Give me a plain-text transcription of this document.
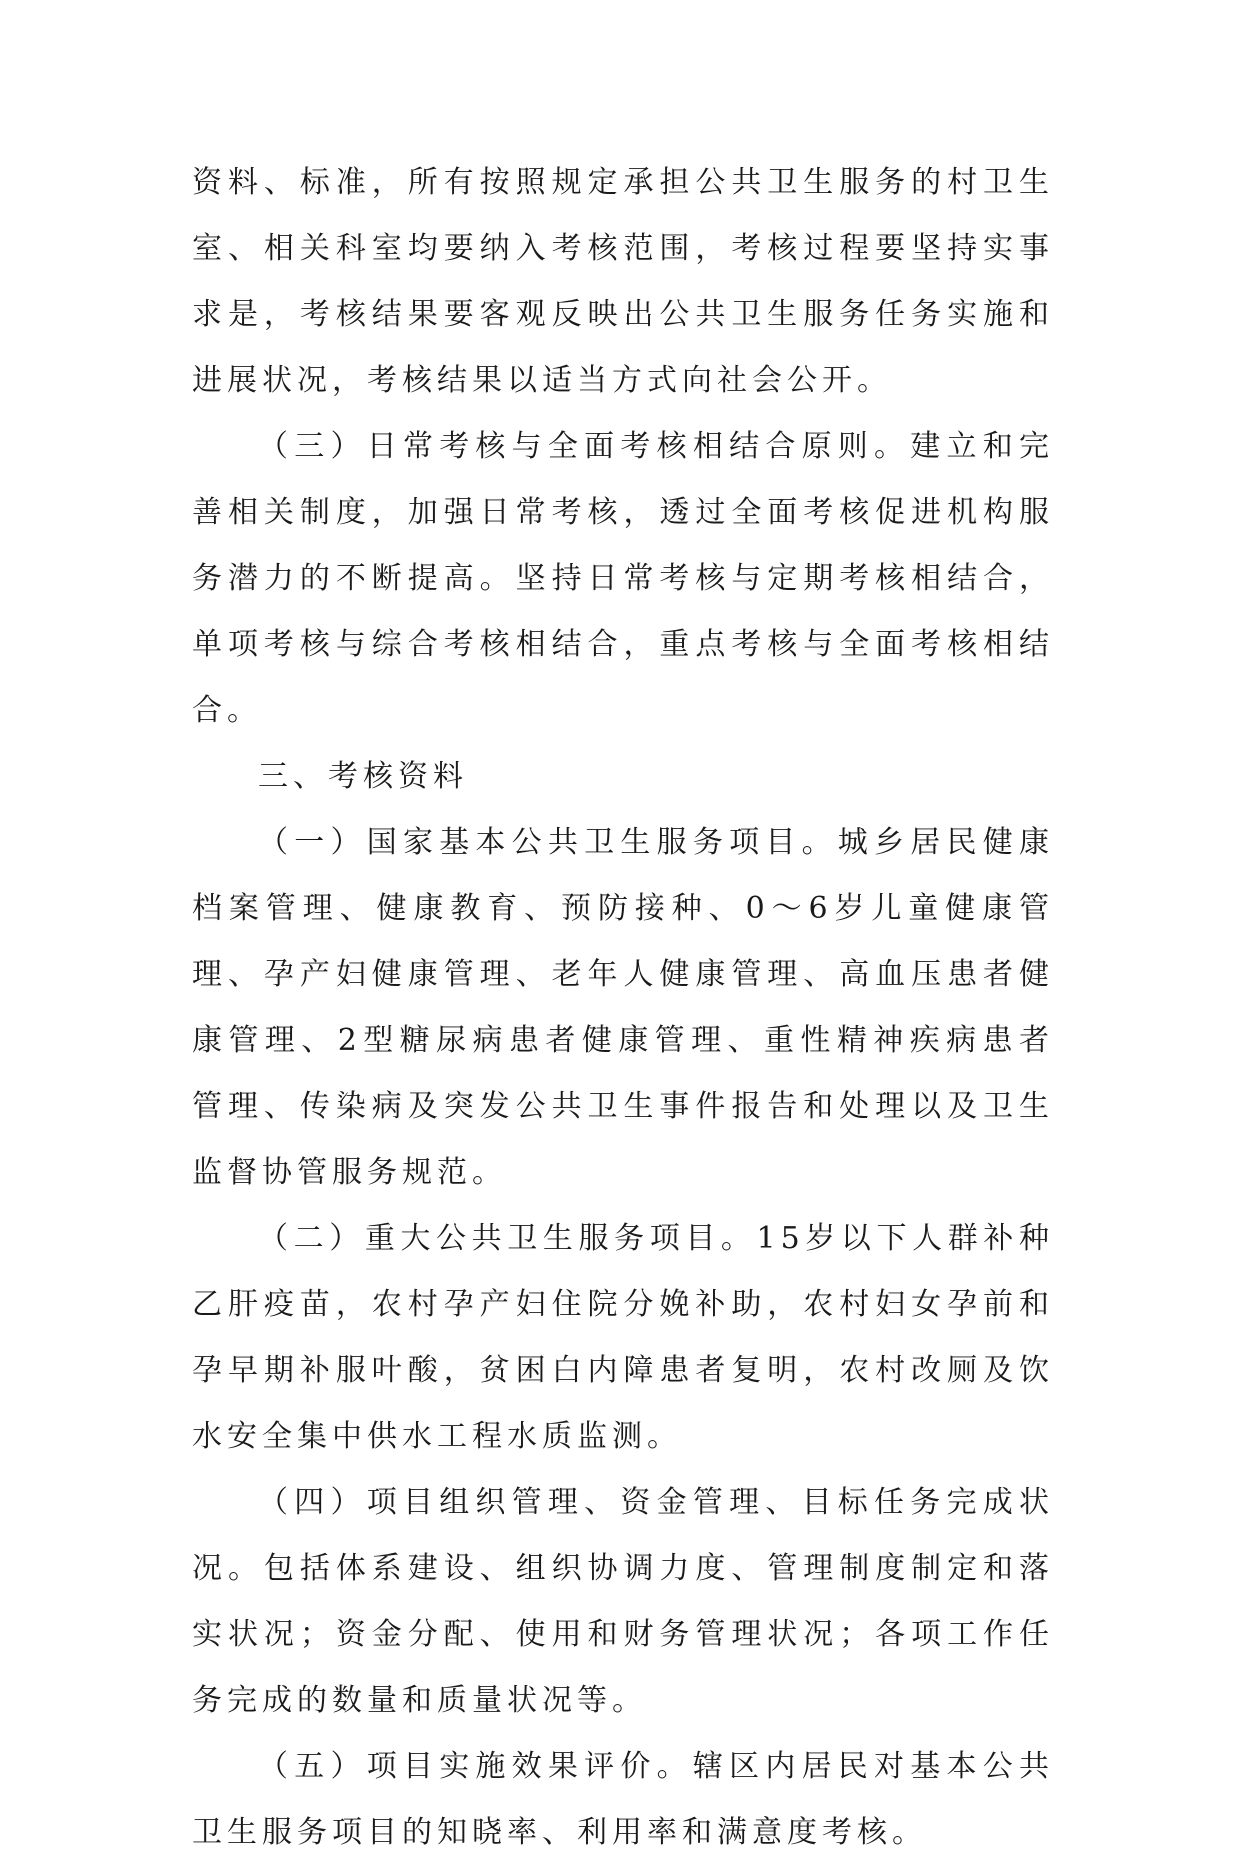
资料、标准，所有按照规定承担公共卫生服务的村卫生室、相关科室均要纳入考核范围，考核过程要坚持实事求是，考核结果要客观反映出公共卫生服务任务实施和进展状况，考核结果以适当方式向社会公开。

（三）日常考核与全面考核相结合原则。建立和完善相关制度，加强日常考核，透过全面考核促进机构服务潜力的不断提高。坚持日常考核与定期考核相结合，单项考核与综合考核相结合，重点考核与全面考核相结合。

三、考核资料

（一）国家基本公共卫生服务项目。城乡居民健康档案管理、健康教育、预防接种、0～6岁儿童健康管理、孕产妇健康管理、老年人健康管理、高血压患者健康管理、2型糖尿病患者健康管理、重性精神疾病患者管理、传染病及突发公共卫生事件报告和处理以及卫生监督协管服务规范。

（二）重大公共卫生服务项目。15岁以下人群补种乙肝疫苗，农村孕产妇住院分娩补助，农村妇女孕前和孕早期补服叶酸，贫困白内障患者复明，农村改厕及饮水安全集中供水工程水质监测。

（四）项目组织管理、资金管理、目标任务完成状况。包括体系建设、组织协调力度、管理制度制定和落实状况；资金分配、使用和财务管理状况；各项工作任务完成的数量和质量状况等。

（五）项目实施效果评价。辖区内居民对基本公共卫生服务项目的知晓率、利用率和满意度考核。
